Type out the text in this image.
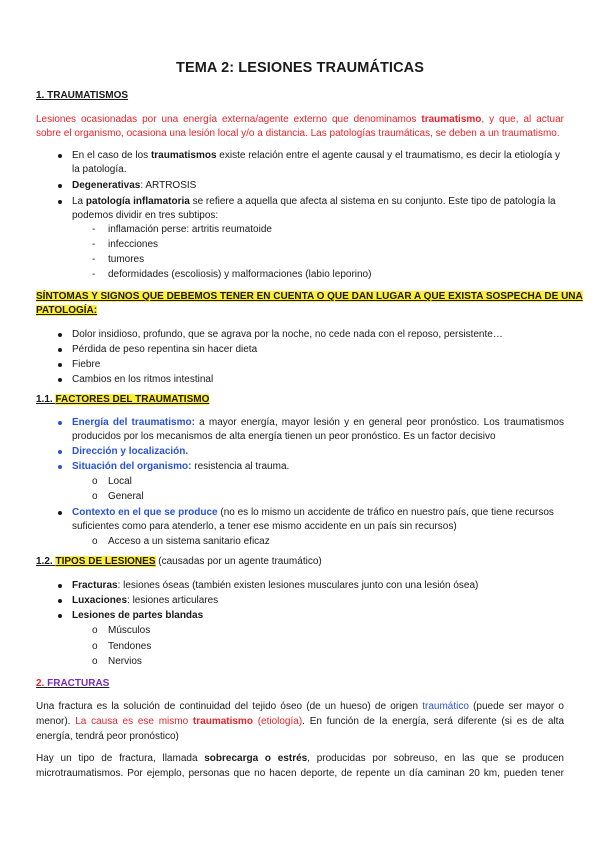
TEMA 2: LESIONES TRAUMÁTICAS
1. TRAUMATISMOS
Lesiones ocasionadas por una energía externa/agente externo que denominamos traumatismo, y que, al actuar
sobre el organismo, ocasiona una lesión local y/o a distancia. Las patologías traumáticas, se deben a un traumatismo.
En el caso de los traumatismos existe relación entre el agente causal y el traumatismo, es decir la etiología y
la patología.
Degenerativas: ARTROSIS
La patología inflamatoria se refiere a aquella que afecta al sistema en su conjunto. Este tipo de patología la
podemos dividir en tres subtipos:
- inflamación perse: artritis reumatoide
- infecciones
- tumores
- deformidades (escoliosis) y malformaciones (labio leporino)
SÍNTOMAS Y SIGNOS QUE DEBEMOS TENER EN CUENTA O QUE DAN LUGAR A QUE EXISTA SOSPECHA DE UNA
PATOLOGÍA:
Dolor insidioso, profundo, que se agrava por la noche, no cede nada con el reposo, persistente…
Pérdida de peso repentina sin hacer dieta
Fiebre
Cambios en los ritmos intestinal
1.1. FACTORES DEL TRAUMATISMO
Energía del traumatismo: a mayor energía, mayor lesión y en general peor pronóstico. Los traumatismos
producidos por los mecanismos de alta energía tienen un peor pronóstico. Es un factor decisivo
Dirección y localización.
Situación del organismo: resistencia al trauma.
o Local
o General
Contexto en el que se produce (no es lo mismo un accidente de tráfico en nuestro país, que tiene recursos
suficientes como para atenderlo, a tener ese mismo accidente en un país sin recursos)
o Acceso a un sistema sanitario eficaz
1.2. TIPOS DE LESIONES (causadas por un agente traumático)
Fracturas: lesiones óseas (también existen lesiones musculares junto con una lesión ósea)
Luxaciones: lesiones articulares
Lesiones de partes blandas
o Músculos
o Tendones
o Nervios
2. FRACTURAS
Una fractura es la solución de continuidad del tejido óseo (de un hueso) de origen traumático (puede ser mayor o
menor). La causa es ese mismo traumatismo (etiología). En función de la energía, será diferente (si es de alta
energía, tendrá peor pronóstico)
Hay un tipo de fractura, llamada sobrecarga o estrés, producidas por sobreuso, en las que se producen
microtraumatismos. Por ejemplo, personas que no hacen deporte, de repente un día caminan 20 km, pueden tener
